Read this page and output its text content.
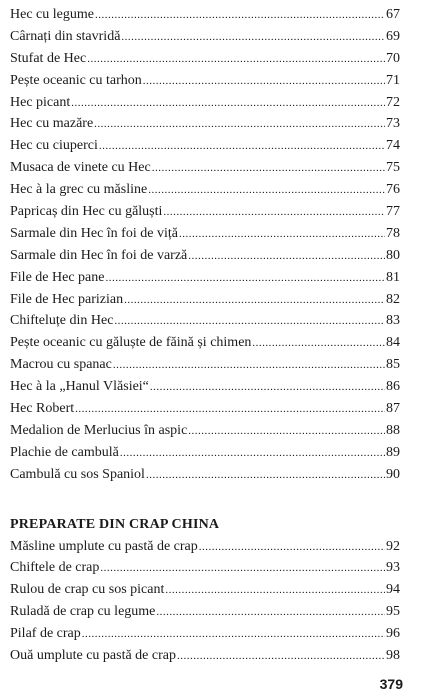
Hec cu legume .....	67
Cârnați din stavridă .....	69
Stufat de Hec .....	70
Pește oceanic cu tarhon .....	71
Hec picant .....	72
Hec cu mazăre .....	73
Hec cu ciuperci .....	74
Musaca de vinete cu Hec .....	75
Hec à la grec cu măsline .....	76
Papricaș din Hec cu găluști .....	77
Sarmale din Hec în foi de viță .....	78
Sarmale din Hec în foi de varză .....	80
File de Hec pane .....	81
File de Hec parizian .....	82
Chifteluțe din Hec .....	83
Pește oceanic cu găluște de făină și chimen .....	84
Macrou cu spanac .....	85
Hec à la „Hanul Vlăsiei“ .....	86
Hec Robert .....	87
Medalion de Merlucius în aspic .....	88
Plachie de cambulă .....	89
Cambulă cu sos Spaniol .....	90
PREPARATE DIN CRAP CHINA
Măsline umplute cu pastă de crap .....	92
Chiftele de crap .....	93
Rulou de crap cu sos picant .....	94
Ruladă de crap cu legume .....	95
Pilaf de crap .....	96
Ouă umplute cu pastă de crap .....	98
379
